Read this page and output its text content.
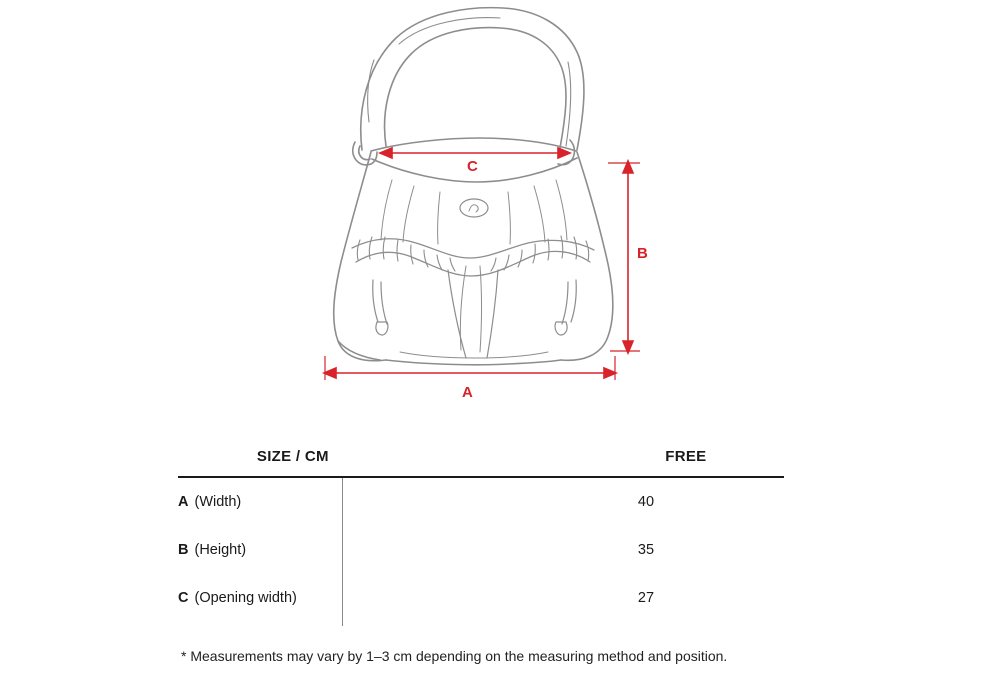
A
B
C
SIZE / CM	FREE
A (Width)	40
B (Height)	35
C (Opening width)	27
* Measurements may vary by 1–3 cm depending on the measuring method and position.
